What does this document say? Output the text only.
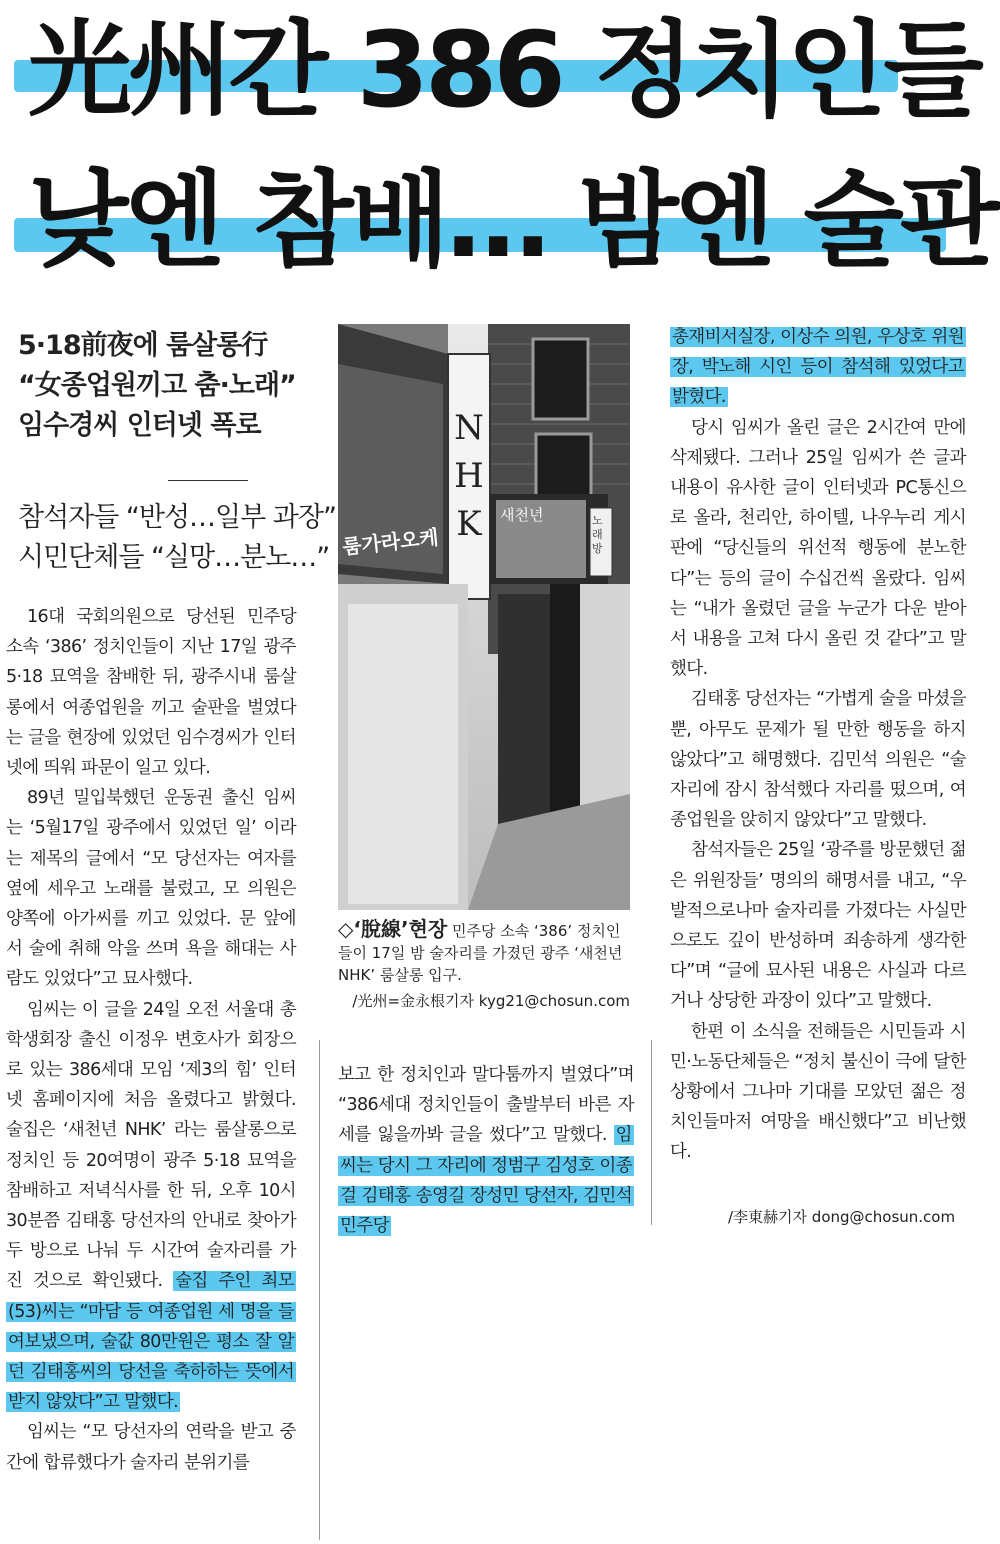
光州간 386 정치인들
낮엔 참배… 밤엔 술판
5·18前夜에 룸살롱行
“女종업원끼고 춤·노래”
임수경씨 인터넷 폭로
참석자들 “반성…일부 과장”
시민단체들 “실망…분노…”

16대 국회의원으로 당선된 민주당 소속 ‘386’ 정치인들이 지난 17일 광주 5·18 묘역을 참배한 뒤, 광주시내 룸살롱에서 여종업원을 끼고 술판을 벌였다는 글을 현장에 있었던 임수경씨가 인터넷에 띄워 파문이 일고 있다.

89년 밀입북했던 운동권 출신 임씨는 ‘5월17일 광주에서 있었던 일’ 이라는 제목의 글에서 “모 당선자는 여자를 옆에 세우고 노래를 불렀고, 모 의원은 양쪽에 아가씨를 끼고 있었다. 문 앞에서 술에 취해 악을 쓰며 욕을 해대는 사람도 있었다”고 묘사했다.

임씨는 이 글을 24일 오전 서울대 총학생회장 출신 이정우 변호사가 회장으로 있는 386세대 모임 ‘제3의 힘’ 인터넷 홈페이지에 처음 올렸다고 밝혔다. 술집은 ‘새천년 NHK’ 라는 룸살롱으로 정치인 등 20여명이 광주 5·18 묘역을 참배하고 저녁식사를 한 뒤, 오후 10시30분쯤 김태홍 당선자의 안내로 찾아가 두 방으로 나눠 두 시간여 술자리를 가진 것으로 확인됐다. 술집 주인 최모(53)씨는 “마담 등 여종업원 세 명을 들여보냈으며, 술값 80만원은 평소 잘 알던 김태홍씨의 당선을 축하하는 뜻에서 받지 않았다”고 말했다.

임씨는 “모 당선자의 연락을 받고 중간에 합류했다가 술자리 분위기를

NHK	새천년
룸가라오케
노래방
◇‘脫線’현장 민주당 소속 ‘386’ 정치인들이 17일 밤 술자리를 가졌던 광주 ‘새천년 NHK’ 룸살롱 입구.
/光州=金永根기자 kyg21@chosun.com

보고 한 정치인과 말다툼까지 벌였다”며 “386세대 정치인들이 출발부터 바른 자세를 잃을까봐 글을 썼다”고 말했다. 임씨는 당시 그 자리에 정범구 김성호 이종걸 김태홍 송영길 장성민 당선자, 김민석 민주당

총재비서실장, 이상수 의원, 우상호 위원장, 박노해 시인 등이 참석해 있었다고 밝혔다.

당시 임씨가 올린 글은 2시간여 만에 삭제됐다. 그러나 25일 임씨가 쓴 글과 내용이 유사한 글이 인터넷과 PC통신으로 올라, 천리안, 하이텔, 나우누리 게시판에 “당신들의 위선적 행동에 분노한다”는 등의 글이 수십건씩 올랐다. 임씨는 “내가 올렸던 글을 누군가 다운 받아서 내용을 고쳐 다시 올린 것 같다”고 말했다.

김태홍 당선자는 “가볍게 술을 마셨을 뿐, 아무도 문제가 될 만한 행동을 하지 않았다”고 해명했다. 김민석 의원은 “술자리에 잠시 참석했다 자리를 떴으며, 여종업원을 앉히지 않았다”고 말했다.

참석자들은 25일 ‘광주를 방문했던 젊은 위원장들’ 명의의 해명서를 내고, “우발적으로나마 술자리를 가졌다는 사실만으로도 깊이 반성하며 죄송하게 생각한다”며 “글에 묘사된 내용은 사실과 다르거나 상당한 과장이 있다”고 말했다.

한편 이 소식을 전해들은 시민들과 시민·노동단체들은 “정치 불신이 극에 달한 상황에서 그나마 기대를 모았던 젊은 정치인들마저 여망을 배신했다”고 비난했다.

/李東赫기자 dong@chosun.com
